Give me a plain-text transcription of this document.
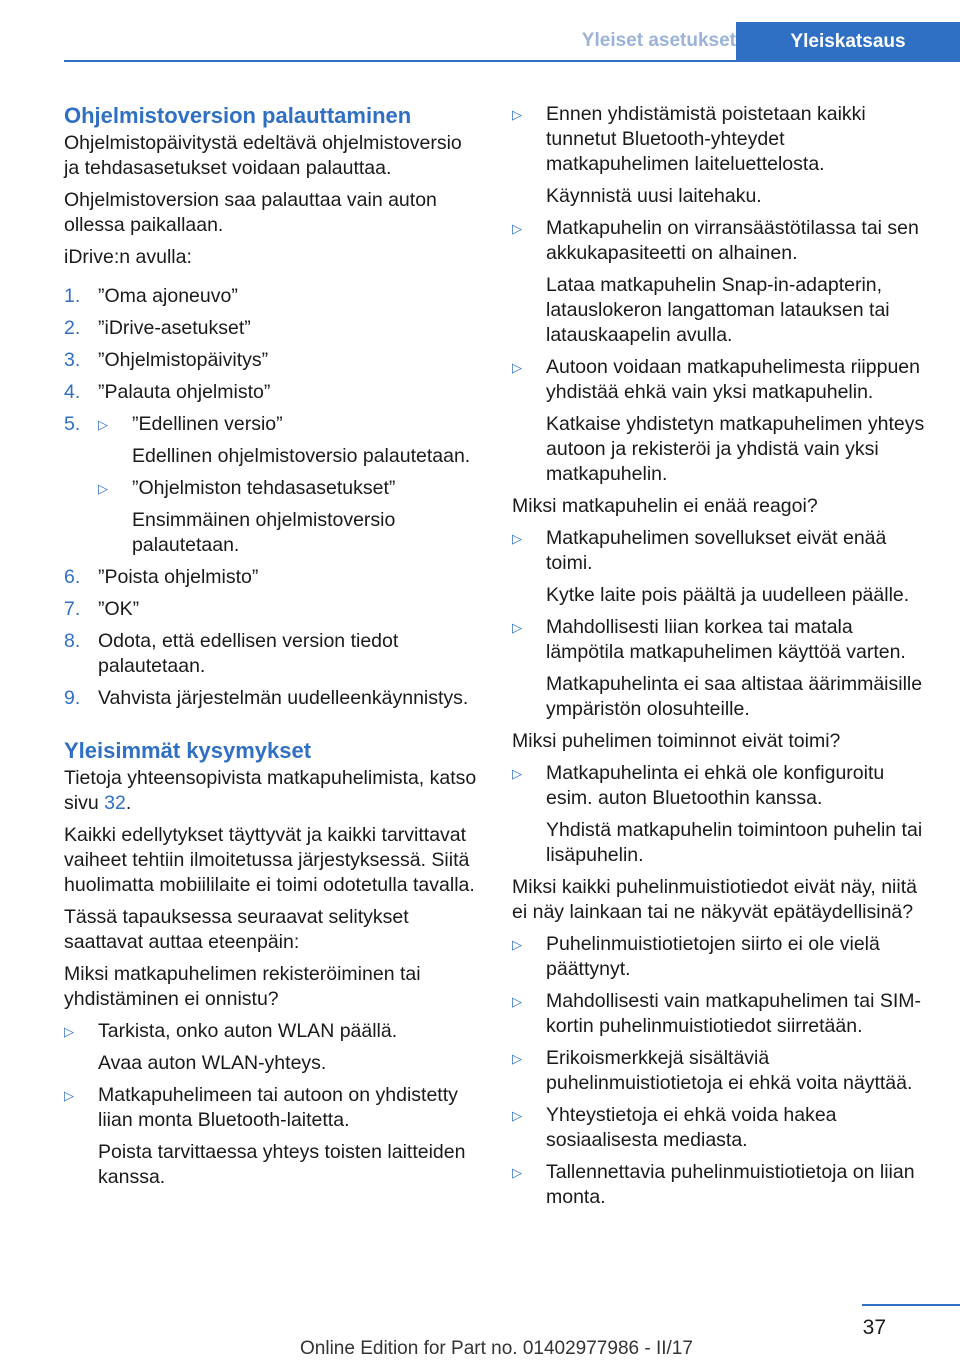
Yleiset asetukset	Yleiskatsaus
Ohjelmistoversion palauttaminen

Ohjelmistopäivitystä edeltävä ohjelmistoversio ja tehdasasetukset voidaan palauttaa.

Ohjelmistoversion saa palauttaa vain auton ollessa paikallaan.

iDrive:n avulla:

1. ”Oma ajoneuvo”
2. ”iDrive-asetukset”
3. ”Ohjelmistopäivitys”
4. ”Palauta ohjelmisto”
5.	▷	”Edellinen versio”

Edellinen ohjelmistoversio palautetaan.

▷	”Ohjelmiston tehdasasetukset”

Ensimmäinen ohjelmistoversio palautetaan.

6. ”Poista ohjelmisto”
7. ”OK”
8. Odota, että edellisen version tiedot palautetaan.
9. Vahvista järjestelmän uudelleenkäynnistys.
Yleisimmät kysymykset

Tietoja yhteensopivista matkapuhelimista, katso sivu 32.

Kaikki edellytykset täyttyvät ja kaikki tarvittavat vaiheet tehtiin ilmoitetussa järjestyksessä. Siitä huolimatta mobiililaite ei toimi odotetulla tavalla.

Tässä tapauksessa seuraavat selitykset saattavat auttaa eteenpäin:

Miksi matkapuhelimen rekisteröiminen tai yhdistäminen ei onnistu?

▷	Tarkista, onko auton WLAN päällä.

Avaa auton WLAN-yhteys.

▷	Matkapuhelimeen tai autoon on yhdistetty liian monta Bluetooth-laitetta.

Poista tarvittaessa yhteys toisten laitteiden kanssa.

▷	Ennen yhdistämistä poistetaan kaikki tunnetut Bluetooth-yhteydet matkapuhelimen laiteluettelosta.

Käynnistä uusi laitehaku.

▷	Matkapuhelin on virransäästötilassa tai sen akkukapasiteetti on alhainen.

Lataa matkapuhelin Snap-in-adapterin, latauslokeron langattoman latauksen tai latauskaapelin avulla.

▷	Autoon voidaan matkapuhelimesta riippuen yhdistää ehkä vain yksi matkapuhelin.

Katkaise yhdistetyn matkapuhelimen yhteys autoon ja rekisteröi ja yhdistä vain yksi matkapuhelin.

Miksi matkapuhelin ei enää reagoi?

▷	Matkapuhelimen sovellukset eivät enää toimi.

Kytke laite pois päältä ja uudelleen päälle.

▷	Mahdollisesti liian korkea tai matala lämpötila matkapuhelimen käyttöä varten.

Matkapuhelinta ei saa altistaa äärimmäisille ympäristön olosuhteille.

Miksi puhelimen toiminnot eivät toimi?

▷	Matkapuhelinta ei ehkä ole konfiguroitu esim. auton Bluetoothin kanssa.

Yhdistä matkapuhelin toimintoon puhelin tai lisäpuhelin.

Miksi kaikki puhelinmuistiotiedot eivät näy, niitä ei näy lainkaan tai ne näkyvät epätäydellisinä?

▷	Puhelinmuistiotietojen siirto ei ole vielä päättynyt.

▷	Mahdollisesti vain matkapuhelimen tai SIM-kortin puhelinmuistiotiedot siirretään.

▷	Erikoismerkkejä sisältäviä puhelinmuistiotietoja ei ehkä voita näyttää.

▷	Yhteystietoja ei ehkä voida hakea sosiaalisesta mediasta.

▷	Tallennettavia puhelinmuistiotietoja on liian monta.

37
Online Edition for Part no. 01402977986 - II/17
